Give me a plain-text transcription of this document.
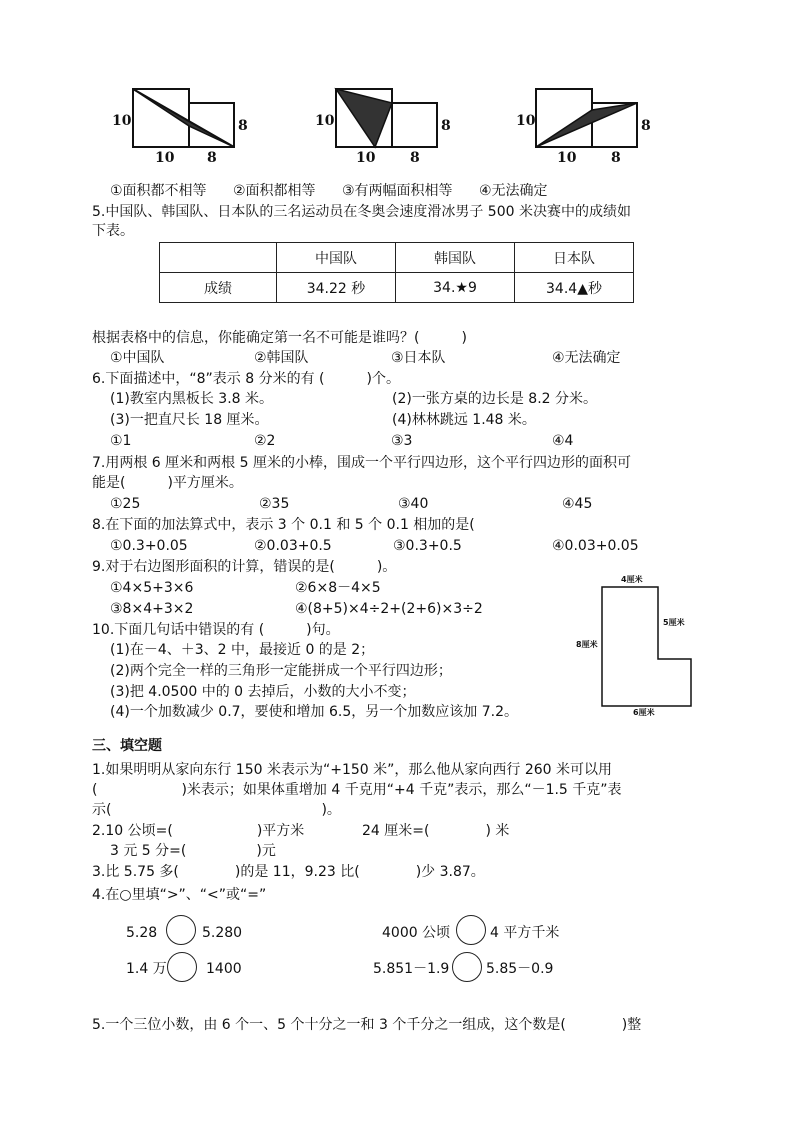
10	8
10 8
10	8
10 8
10	8
10 8
①面积都不相等 ②面积都相等 ③有两幅面积相等 ④无法确定
5.中国队、韩国队、日本队的三名运动员在冬奥会速度滑冰男子 500 米决赛中的成绩如
下表。
	中国队	韩国队	日本队
成绩	34.22 秒	34.★9	34.4▲秒
根据表格中的信息，你能确定第一名不可能是谁吗？(　　　)
①中国队	②韩国队	③日本队	④无法确定
6.下面描述中，“8”表示 8 分米的有 (　　　)个。
(1)教室内黑板长 3.8 米。	(2)一张方桌的边长是 8.2 分米。
(3)一把直尺长 18 厘米。	(4)林林跳远 1.48 米。
①1	②2	③3	④4
7.用两根 6 厘米和两根 5 厘米的小棒，围成一个平行四边形，这个平行四边形的面积可
能是(　　　)平方厘米。
①25	②35	③40	④45
8.在下面的加法算式中，表示 3 个 0.1 和 5 个 0.1 相加的是(
①0.3+0.05	②0.03+0.5	③0.3+0.5	④0.03+0.05
9.对于右边图形面积的计算，错误的是(　　　)。
①4×5+3×6	②6×8－4×5
③8×4+3×2	④(8+5)×4÷2+(2+6)×3÷2
4厘米
5厘米
8厘米
6厘米
10.下面几句话中错误的有 (　　　)句。
(1)在－4、＋3、2 中，最接近 0 的是 2；
(2)两个完全一样的三角形一定能拼成一个平行四边形；
(3)把 4.0500 中的 0 去掉后，小数的大小不变；
(4)一个加数减少 0.7，要使和增加 6.5，另一个加数应该加 7.2。
三、填空题
1.如果明明从家向东行 150 米表示为“+150 米”，那么他从家向西行 260 米可以用
(　　　　　　)米表示；如果体重增加 4 千克用“+4 千克”表示，那么“－1.5 千克”表
示(　　　　　　　　　　　　　　　)。
2.10 公顷=(　　　　　　)平方米	24 厘米=(　　　　) 米
3 元 5 分=(　　　　　)元
3.比 5.75 多(　　　　)的是 11，9.23 比(　　　　)少 3.87。
4.在○里填“>”、“<”或“=”
5.28	5.280	4000 公顷	4 平方千米
1.4 万	1400	5.851－1.9	5.85－0.9
5.一个三位小数，由 6 个一、5 个十分之一和 3 个千分之一组成，这个数是(　　　　)整
